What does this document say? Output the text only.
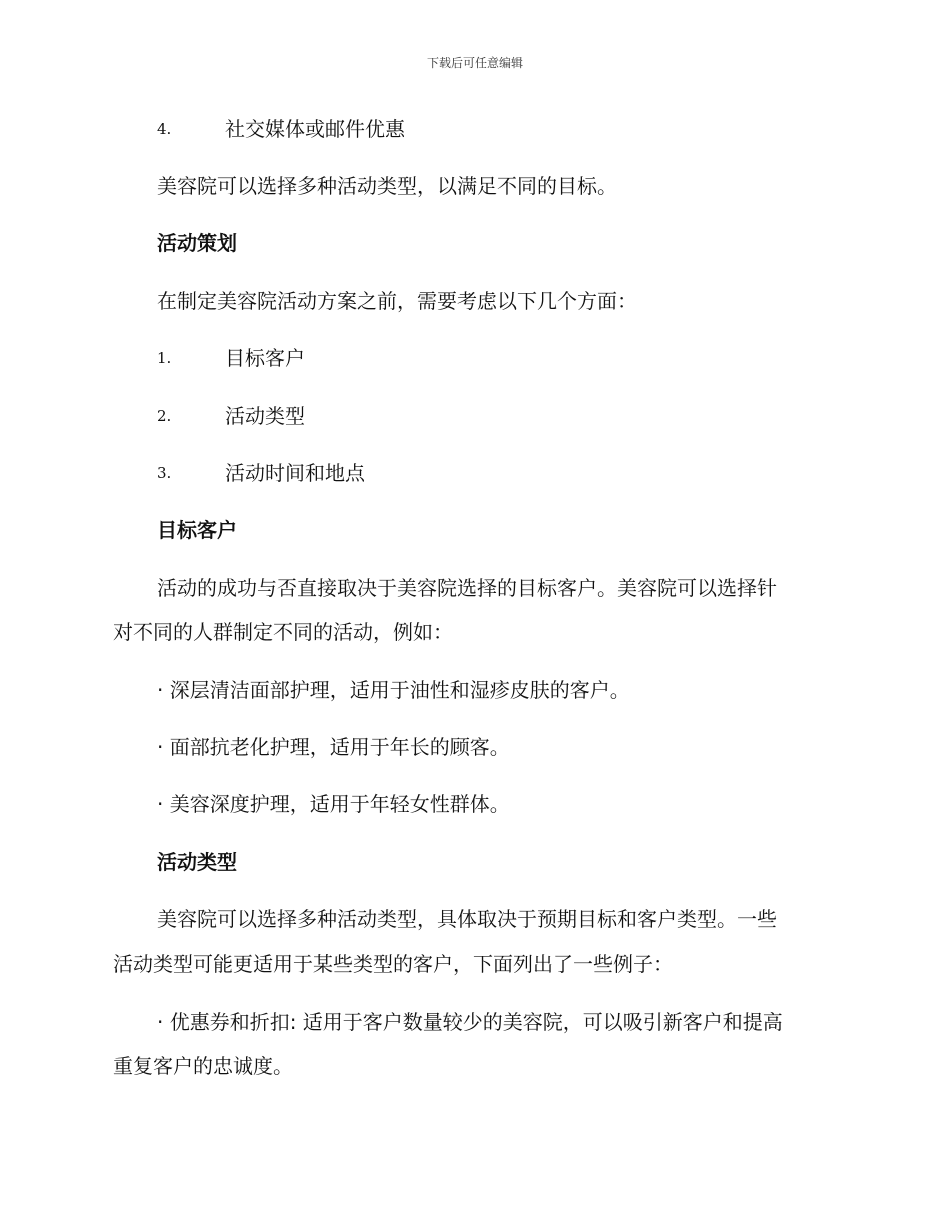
下载后可任意编辑
4.	社交媒体或邮件优惠
美容院可以选择多种活动类型，以满足不同的目标。
活动策划
在制定美容院活动方案之前，需要考虑以下几个方面：
1.	目标客户
2.	活动类型
3.	活动时间和地点
目标客户
活动的成功与否直接取决于美容院选择的目标客户。美容院可以选择针
对不同的人群制定不同的活动，例如：
· 深层清洁面部护理，适用于油性和湿疹皮肤的客户。
· 面部抗老化护理，适用于年长的顾客。
· 美容深度护理，适用于年轻女性群体。
活动类型
美容院可以选择多种活动类型，具体取决于预期目标和客户类型。一些
活动类型可能更适用于某些类型的客户，下面列出了一些例子：
· 优惠券和折扣: 适用于客户数量较少的美容院，可以吸引新客户和提高
重复客户的忠诚度。
